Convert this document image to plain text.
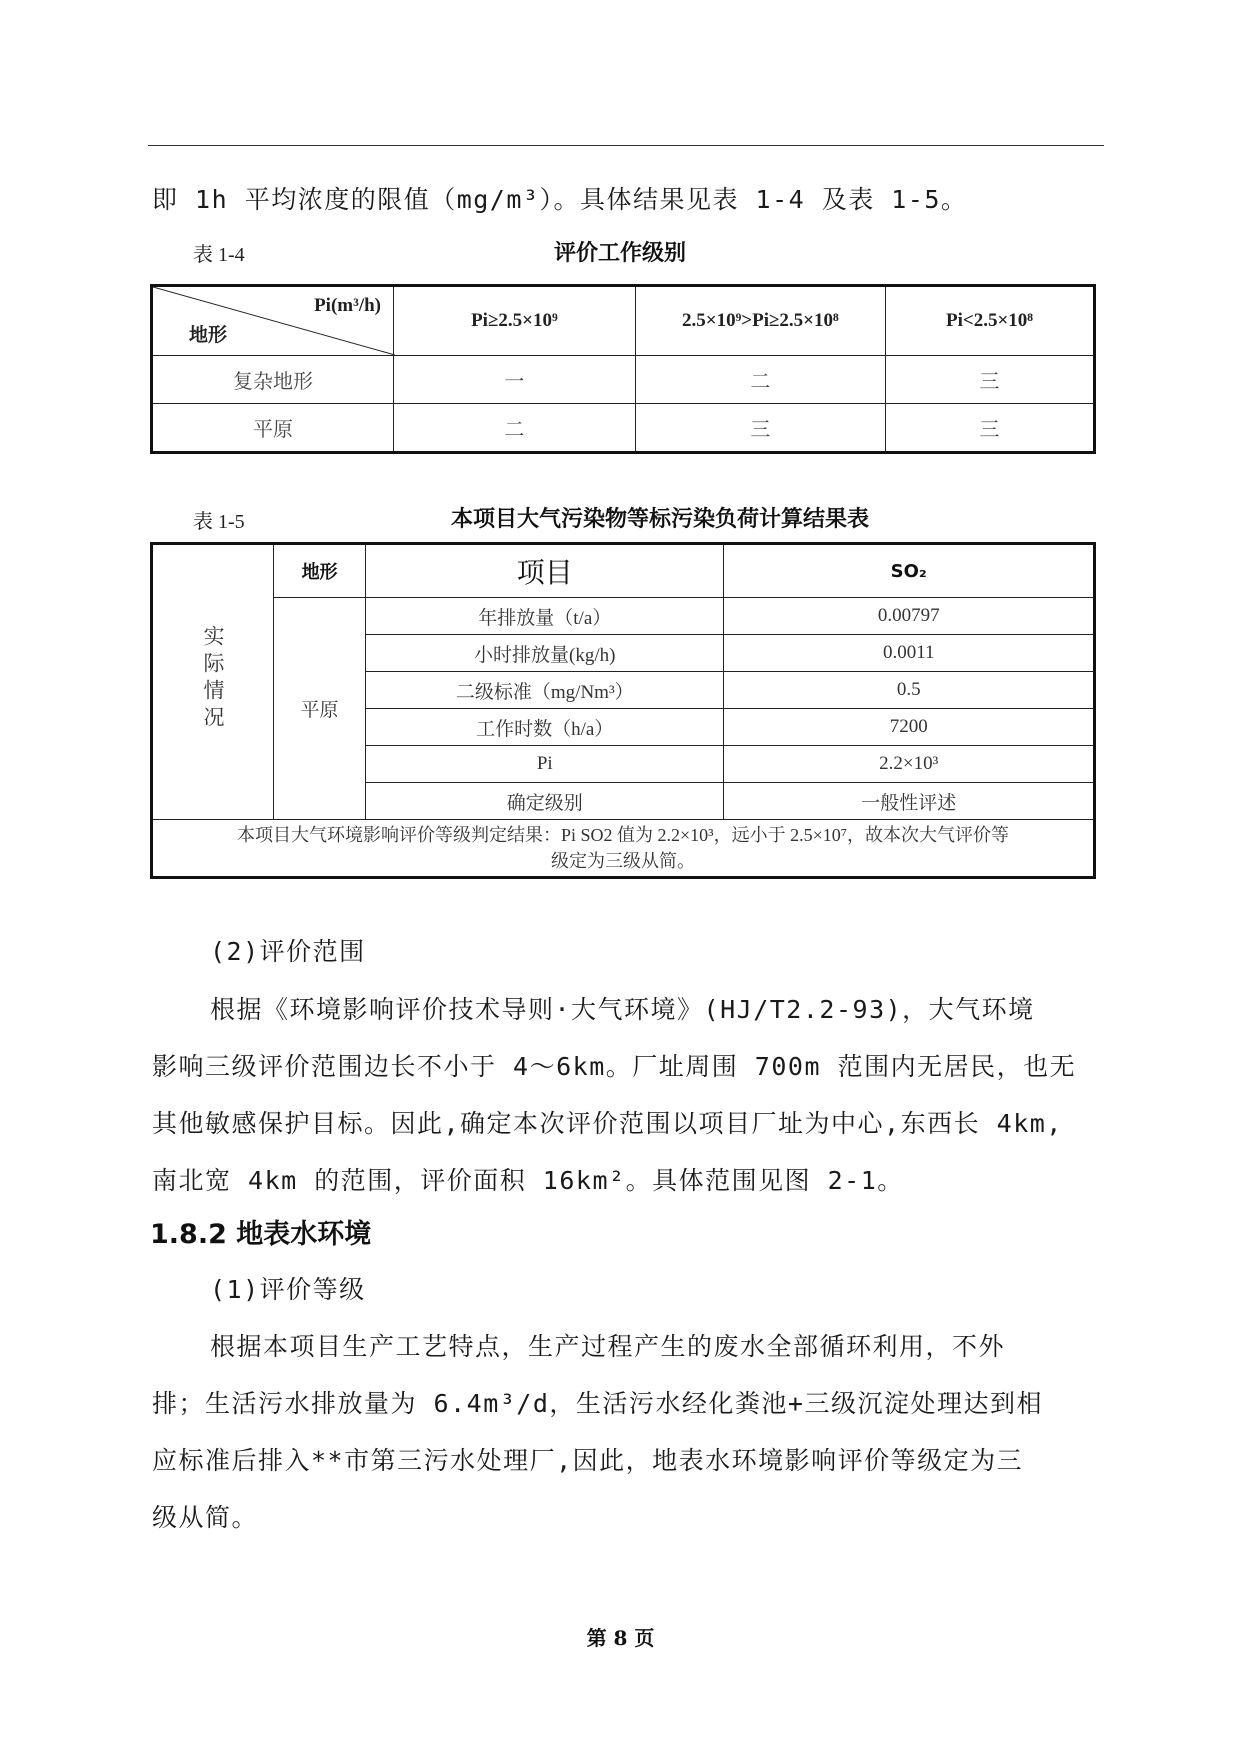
即 1h 平均浓度的限值（mg/m³）。具体结果见表 1-4 及表 1-5。
表 1-4	评价工作级别
Pi(m³/h)
地形	Pi≥2.5×10⁹	2.5×10⁹>Pi≥2.5×10⁸	Pi<2.5×10⁸
复杂地形	一	二	三
平原	二	三	三
表 1-5	本项目大气污染物等标污染负荷计算结果表
实际情况	地形	项目	SO₂
	平原	年排放量（t/a）	0.00797
		小时排放量(kg/h)	0.0011
		二级标准（mg/Nm³）	0.5
		工作时数（h/a）	7200
		Pi	2.2×10³
		确定级别	一般性评述

本项目大气环境影响评价等级判定结果：Pi SO2 值为 2.2×10³，远小于 2.5×10⁷，故本次大气评价等
级定为三级从简。			
(2)评价范围
根据《环境影响评价技术导则·大气环境》(HJ/T2.2-93)，大气环境
影响三级评价范围边长不小于 4～6km。厂址周围 700m 范围内无居民，也无
其他敏感保护目标。因此,确定本次评价范围以项目厂址为中心,东西长 4km,
南北宽 4km 的范围，评价面积 16km²。具体范围见图 2-1。
1.8.2 地表水环境
(1)评价等级
根据本项目生产工艺特点，生产过程产生的废水全部循环利用，不外
排；生活污水排放量为 6.4m³/d，生活污水经化粪池+三级沉淀处理达到相
应标准后排入**市第三污水处理厂,因此，地表水环境影响评价等级定为三
级从简。
第 8 页
